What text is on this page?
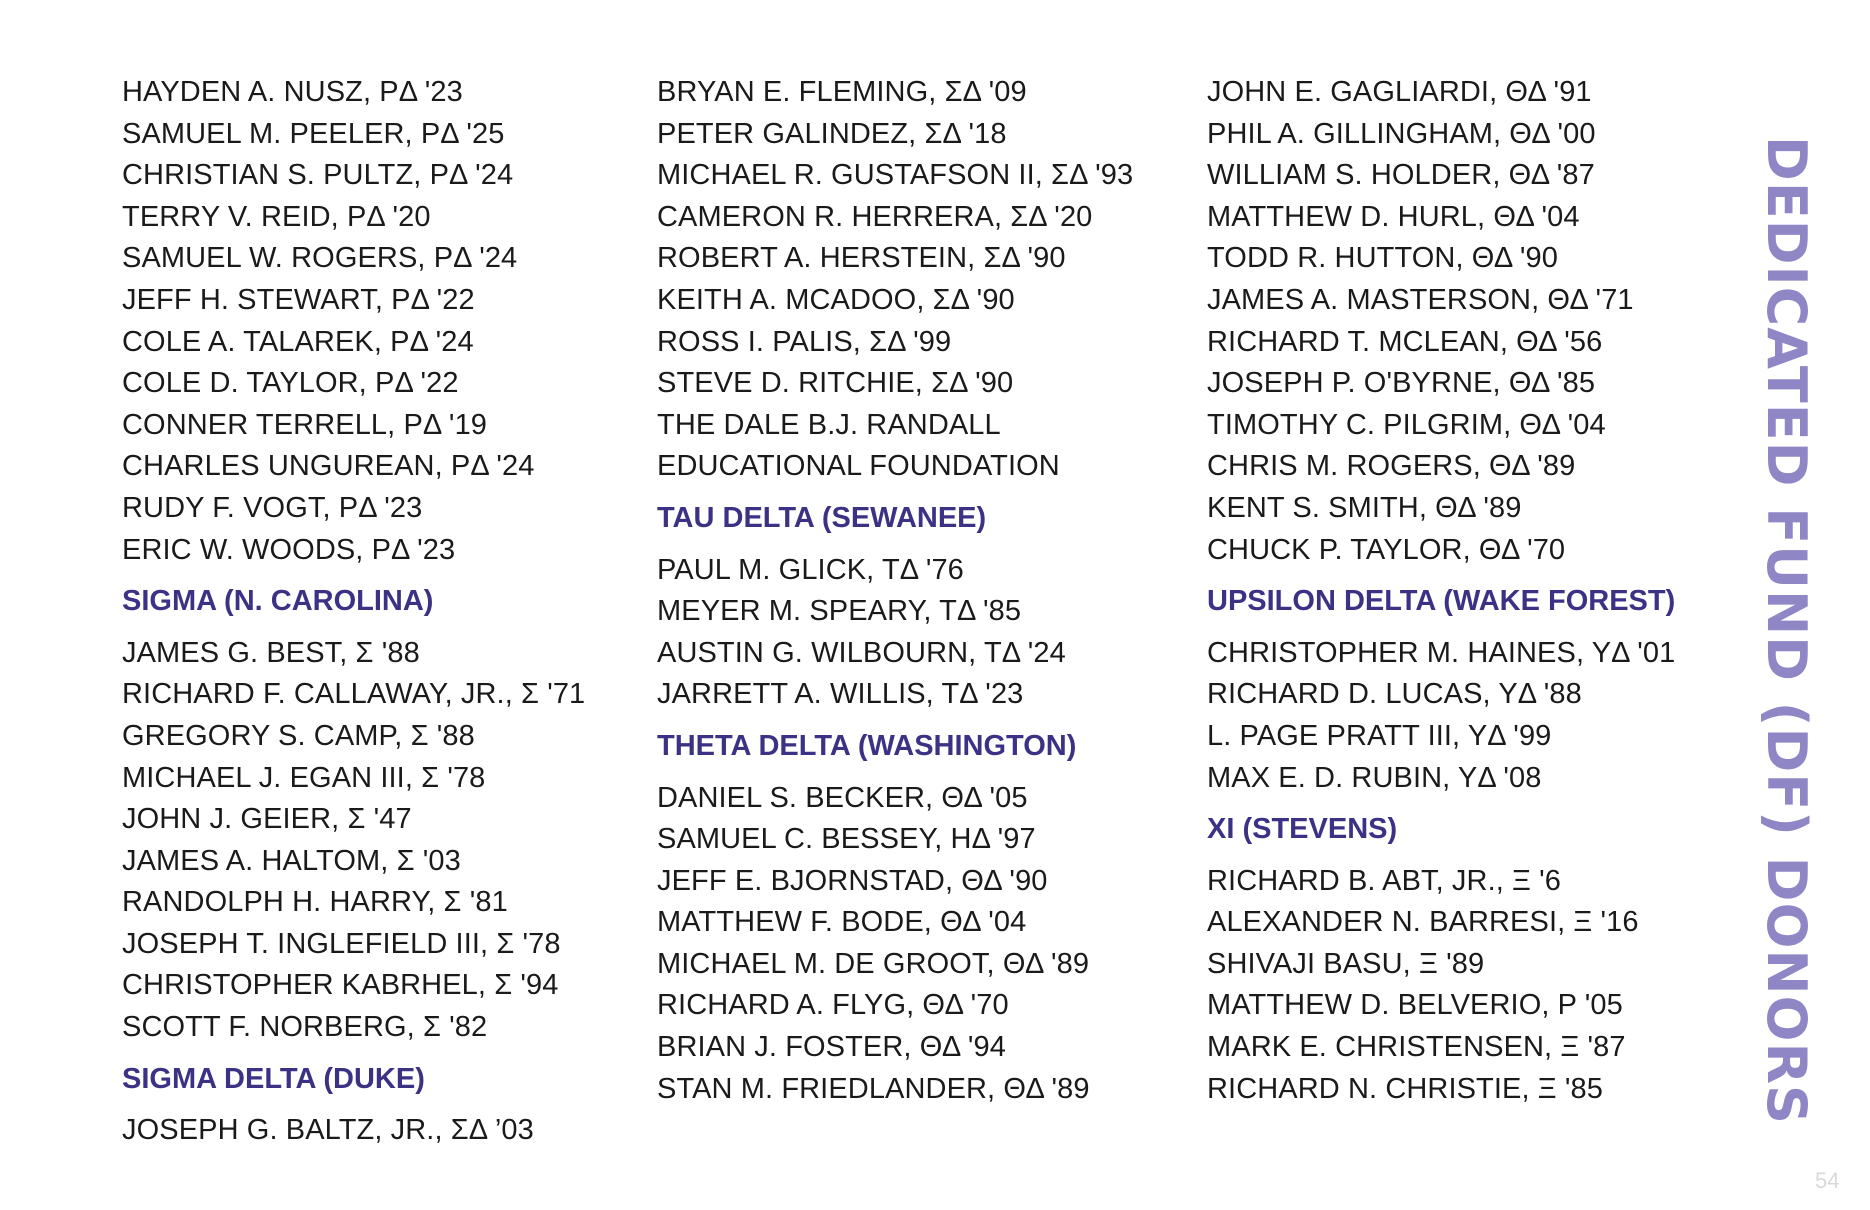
HAYDEN A. NUSZ, PΔ '23
SAMUEL M. PEELER, PΔ '25
CHRISTIAN S. PULTZ, PΔ '24
TERRY V. REID, PΔ '20
SAMUEL W. ROGERS, PΔ '24
JEFF H. STEWART, PΔ '22
COLE A. TALAREK, PΔ '24
COLE D. TAYLOR, PΔ '22
CONNER TERRELL, PΔ '19
CHARLES UNGUREAN, PΔ '24
RUDY F. VOGT, PΔ '23
ERIC W. WOODS, PΔ '23
SIGMA (N. CAROLINA)
JAMES G. BEST, Σ '88
RICHARD F. CALLAWAY, JR., Σ '71
GREGORY S. CAMP, Σ '88
MICHAEL J. EGAN III, Σ '78
JOHN J. GEIER, Σ '47
JAMES A. HALTOM, Σ '03
RANDOLPH H. HARRY, Σ '81
JOSEPH T. INGLEFIELD III, Σ '78
CHRISTOPHER KABRHEL, Σ '94
SCOTT F. NORBERG, Σ '82
SIGMA DELTA (DUKE)
JOSEPH G. BALTZ, JR., ΣΔ ’03
BRYAN E. FLEMING, ΣΔ '09
PETER GALINDEZ, ΣΔ '18
MICHAEL R. GUSTAFSON II, ΣΔ '93
CAMERON R. HERRERA, ΣΔ '20
ROBERT A. HERSTEIN, ΣΔ '90
KEITH A. MCADOO, ΣΔ '90
ROSS I. PALIS, ΣΔ '99
STEVE D. RITCHIE, ΣΔ '90
THE DALE B.J. RANDALL
EDUCATIONAL FOUNDATION
TAU DELTA (SEWANEE)
PAUL M. GLICK, TΔ '76
MEYER M. SPEARY, TΔ '85
AUSTIN G. WILBOURN, TΔ '24
JARRETT A. WILLIS, TΔ '23
THETA DELTA (WASHINGTON)
DANIEL S. BECKER, ΘΔ '05
SAMUEL C. BESSEY, HΔ '97
JEFF E. BJORNSTAD, ΘΔ '90
MATTHEW F. BODE, ΘΔ '04
MICHAEL M. DE GROOT, ΘΔ '89
RICHARD A. FLYG, ΘΔ '70
BRIAN J. FOSTER, ΘΔ '94
STAN M. FRIEDLANDER, ΘΔ '89
JOHN E. GAGLIARDI, ΘΔ '91
PHIL A. GILLINGHAM, ΘΔ '00
WILLIAM S. HOLDER, ΘΔ '87
MATTHEW D. HURL, ΘΔ '04
TODD R. HUTTON, ΘΔ '90
JAMES A. MASTERSON, ΘΔ '71
RICHARD T. MCLEAN, ΘΔ '56
JOSEPH P. O'BYRNE, ΘΔ '85
TIMOTHY C. PILGRIM, ΘΔ '04
CHRIS M. ROGERS, ΘΔ '89
KENT S. SMITH, ΘΔ '89
CHUCK P. TAYLOR, ΘΔ '70
UPSILON DELTA (WAKE FOREST)
CHRISTOPHER M. HAINES, YΔ '01
RICHARD D. LUCAS, YΔ '88
L. PAGE PRATT III, YΔ '99
MAX E. D. RUBIN, YΔ '08
XI (STEVENS)
RICHARD B. ABT, JR., Ξ '6
ALEXANDER N. BARRESI, Ξ '16
SHIVAJI BASU, Ξ '89
MATTHEW D. BELVERIO, P '05
MARK E. CHRISTENSEN, Ξ '87
RICHARD N. CHRISTIE, Ξ '85	DEDICATED FUND (DF) DONORS
54
